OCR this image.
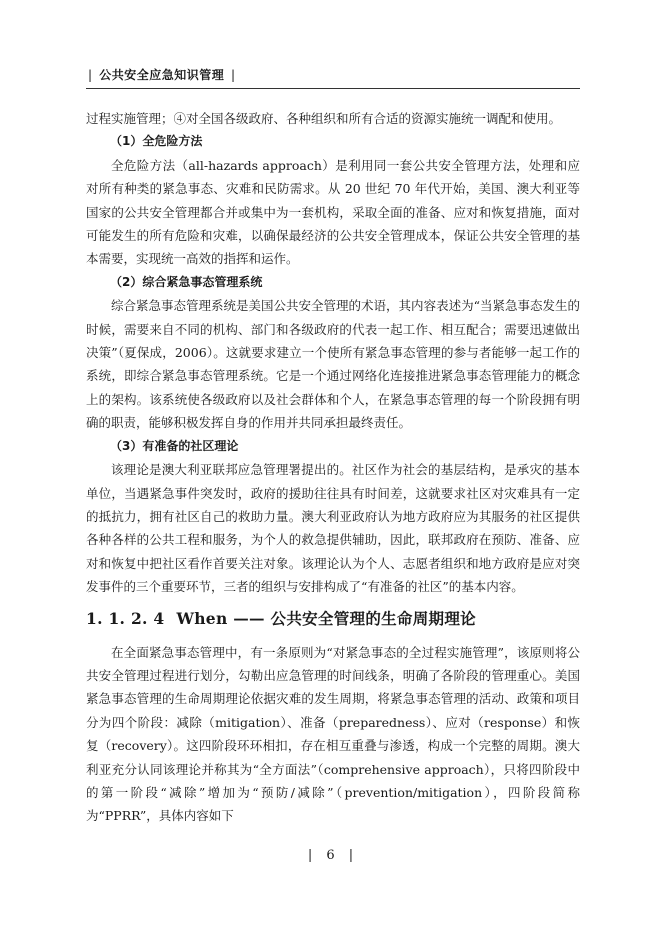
| 公共安全应急知识管理 |

过程实施管理；④对全国各级政府、各种组织和所有合适的资源实施统一调配和使用。

（1）全危险方法

全危险方法（all-hazards approach）是利用同一套公共安全管理方法，处理和应对所有种类的紧急事态、灾难和民防需求。从 20 世纪 70 年代开始，美国、澳大利亚等国家的公共安全管理都合并或集中为一套机构，采取全面的准备、应对和恢复措施，面对可能发生的所有危险和灾难，以确保最经济的公共安全管理成本，保证公共安全管理的基本需要，实现统一高效的指挥和运作。

（2）综合紧急事态管理系统

综合紧急事态管理系统是美国公共安全管理的术语，其内容表述为“当紧急事态发生的时候，需要来自不同的机构、部门和各级政府的代表一起工作、相互配合；需要迅速做出决策”（夏保成，2006）。这就要求建立一个使所有紧急事态管理的参与者能够一起工作的系统，即综合紧急事态管理系统。它是一个通过网络化连接推进紧急事态管理能力的概念上的架构。该系统使各级政府以及社会群体和个人，在紧急事态管理的每一个阶段拥有明确的职责，能够积极发挥自身的作用并共同承担最终责任。

（3）有准备的社区理论

该理论是澳大利亚联邦应急管理署提出的。社区作为社会的基层结构，是承灾的基本单位，当遇紧急事件突发时，政府的援助往往具有时间差，这就要求社区对灾难具有一定的抵抗力，拥有社区自己的救助力量。澳大利亚政府认为地方政府应为其服务的社区提供各种各样的公共工程和服务，为个人的救急提供辅助，因此，联邦政府在预防、准备、应对和恢复中把社区看作首要关注对象。该理论认为个人、志愿者组织和地方政府是应对突发事件的三个重要环节，三者的组织与安排构成了“有准备的社区”的基本内容。

1. 1. 2. 4 When —— 公共安全管理的生命周期理论

在全面紧急事态管理中，有一条原则为“对紧急事态的全过程实施管理”，该原则将公共安全管理过程进行划分，勾勒出应急管理的时间线条，明确了各阶段的管理重心。美国紧急事态管理的生命周期理论依据灾难的发生周期，将紧急事态管理的活动、政策和项目分为四个阶段：减除（mitigation）、准备（preparedness）、应对（response）和恢复（recovery）。这四阶段环环相扣，存在相互重叠与渗透，构成一个完整的周期。澳大利亚充分认同该理论并称其为“全方面法”（comprehensive approach），只将四阶段中的第一阶段“减除”增加为“预防/减除”（prevention/mitigation），四阶段简称为“PPRR”，具体内容如下

| 6 |
